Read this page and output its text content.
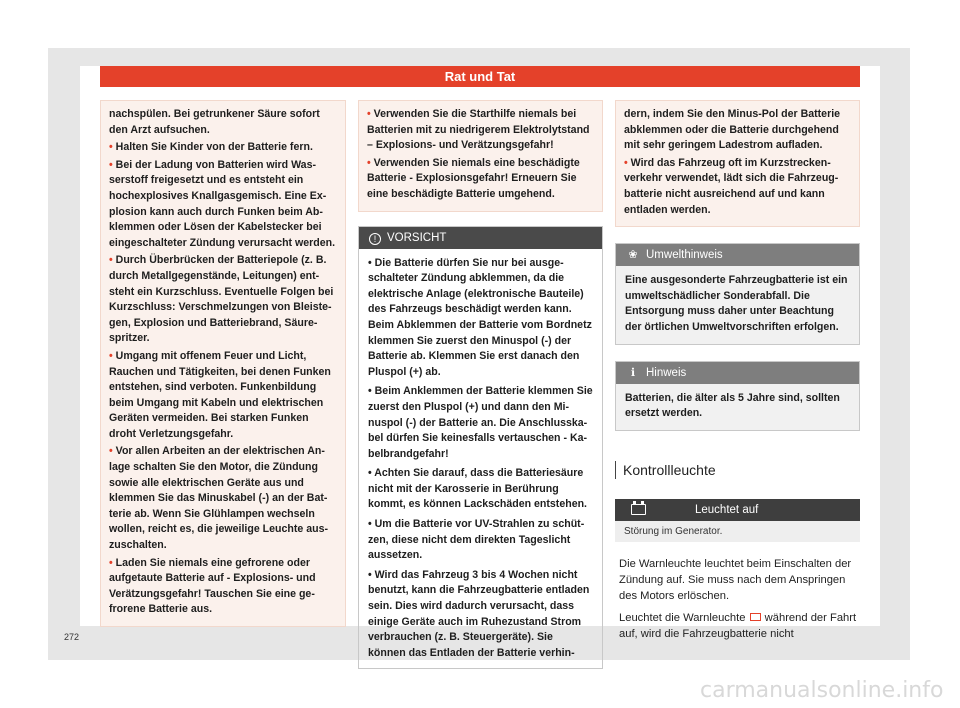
Rat und Tat

nachspülen. Bei getrunkener Säure sofort den Arzt aufsuchen.

• Halten Sie Kinder von der Batterie fern.

• Bei der Ladung von Batterien wird Wasserstoff freigesetzt und es entsteht ein hochexplosives Knallgasgemisch. Eine Explosion kann auch durch Funken beim Abklemmen oder Lösen der Kabelstecker bei eingeschalteter Zündung verursacht werden.

• Durch Überbrücken der Batteriepole (z. B. durch Metallgegenstände, Leitungen) entsteht ein Kurzschluss. Eventuelle Folgen bei Kurzschluss: Verschmelzungen von Bleistegen, Explosion und Batteriebrand, Säurespritzer.

• Umgang mit offenem Feuer und Licht, Rauchen und Tätigkeiten, bei denen Funken entstehen, sind verboten. Funkenbildung beim Umgang mit Kabeln und elektrischen Geräten vermeiden. Bei starken Funken droht Verletzungsgefahr.

• Vor allen Arbeiten an der elektrischen Anlage schalten Sie den Motor, die Zündung sowie alle elektrischen Geräte aus und klemmen Sie das Minuskabel (-) an der Batterie ab. Wenn Sie Glühlampen wechseln wollen, reicht es, die jeweilige Leuchte auszuschalten.

• Laden Sie niemals eine gefrorene oder aufgetaute Batterie auf - Explosions- und Verätzungsgefahr! Tauschen Sie eine gefrorene Batterie aus.

• Verwenden Sie die Starthilfe niemals bei Batterien mit zu niedrigerem Elektrolytstand – Explosions- und Verätzungsgefahr!

• Verwenden Sie niemals eine beschädigte Batterie - Explosionsgefahr! Erneuern Sie eine beschädigte Batterie umgehend.

! VORSICHT

• Die Batterie dürfen Sie nur bei ausgeschalteter Zündung abklemmen, da die elektrische Anlage (elektronische Bauteile) des Fahrzeugs beschädigt werden kann. Beim Abklemmen der Batterie vom Bordnetz klemmen Sie zuerst den Minuspol (-) der Batterie ab. Klemmen Sie erst danach den Pluspol (+) ab.

• Beim Anklemmen der Batterie klemmen Sie zuerst den Pluspol (+) und dann den Minuspol (-) der Batterie an. Die Anschlusskabel dürfen Sie keinesfalls vertauschen - Kabelbrandgefahr!

• Achten Sie darauf, dass die Batteriesäure nicht mit der Karosserie in Berührung kommt, es können Lackschäden entstehen.

• Um die Batterie vor UV-Strahlen zu schützen, diese nicht dem direkten Tageslicht aussetzen.

• Wird das Fahrzeug 3 bis 4 Wochen nicht benutzt, kann die Fahrzeugbatterie entladen sein. Dies wird dadurch verursacht, dass einige Geräte auch im Ruhezustand Strom verbrauchen (z. B. Steuergeräte). Sie können das Entladen der Batterie verhin-

dern, indem Sie den Minus-Pol der Batterie abklemmen oder die Batterie durchgehend mit sehr geringem Ladestrom aufladen.

• Wird das Fahrzeug oft im Kurzstreckenverkehr verwendet, lädt sich die Fahrzeugbatterie nicht ausreichend auf und kann entladen werden.

❀ Umwelthinweis

Eine ausgesonderte Fahrzeugbatterie ist ein umweltschädlicher Sonderabfall. Die Entsorgung muss daher unter Beachtung der örtlichen Umweltvorschriften erfolgen.

ℹ Hinweis

Batterien, die älter als 5 Jahre sind, sollten ersetzt werden.

Kontrollleuchte
Leuchtet auf
Störung im Generator.

Die Warnleuchte leuchtet beim Einschalten der Zündung auf. Sie muss nach dem Anspringen des Motors erlöschen.

Leuchtet die Warnleuchte  während der Fahrt auf, wird die Fahrzeugbatterie nicht

272
carmanualsonline.info
